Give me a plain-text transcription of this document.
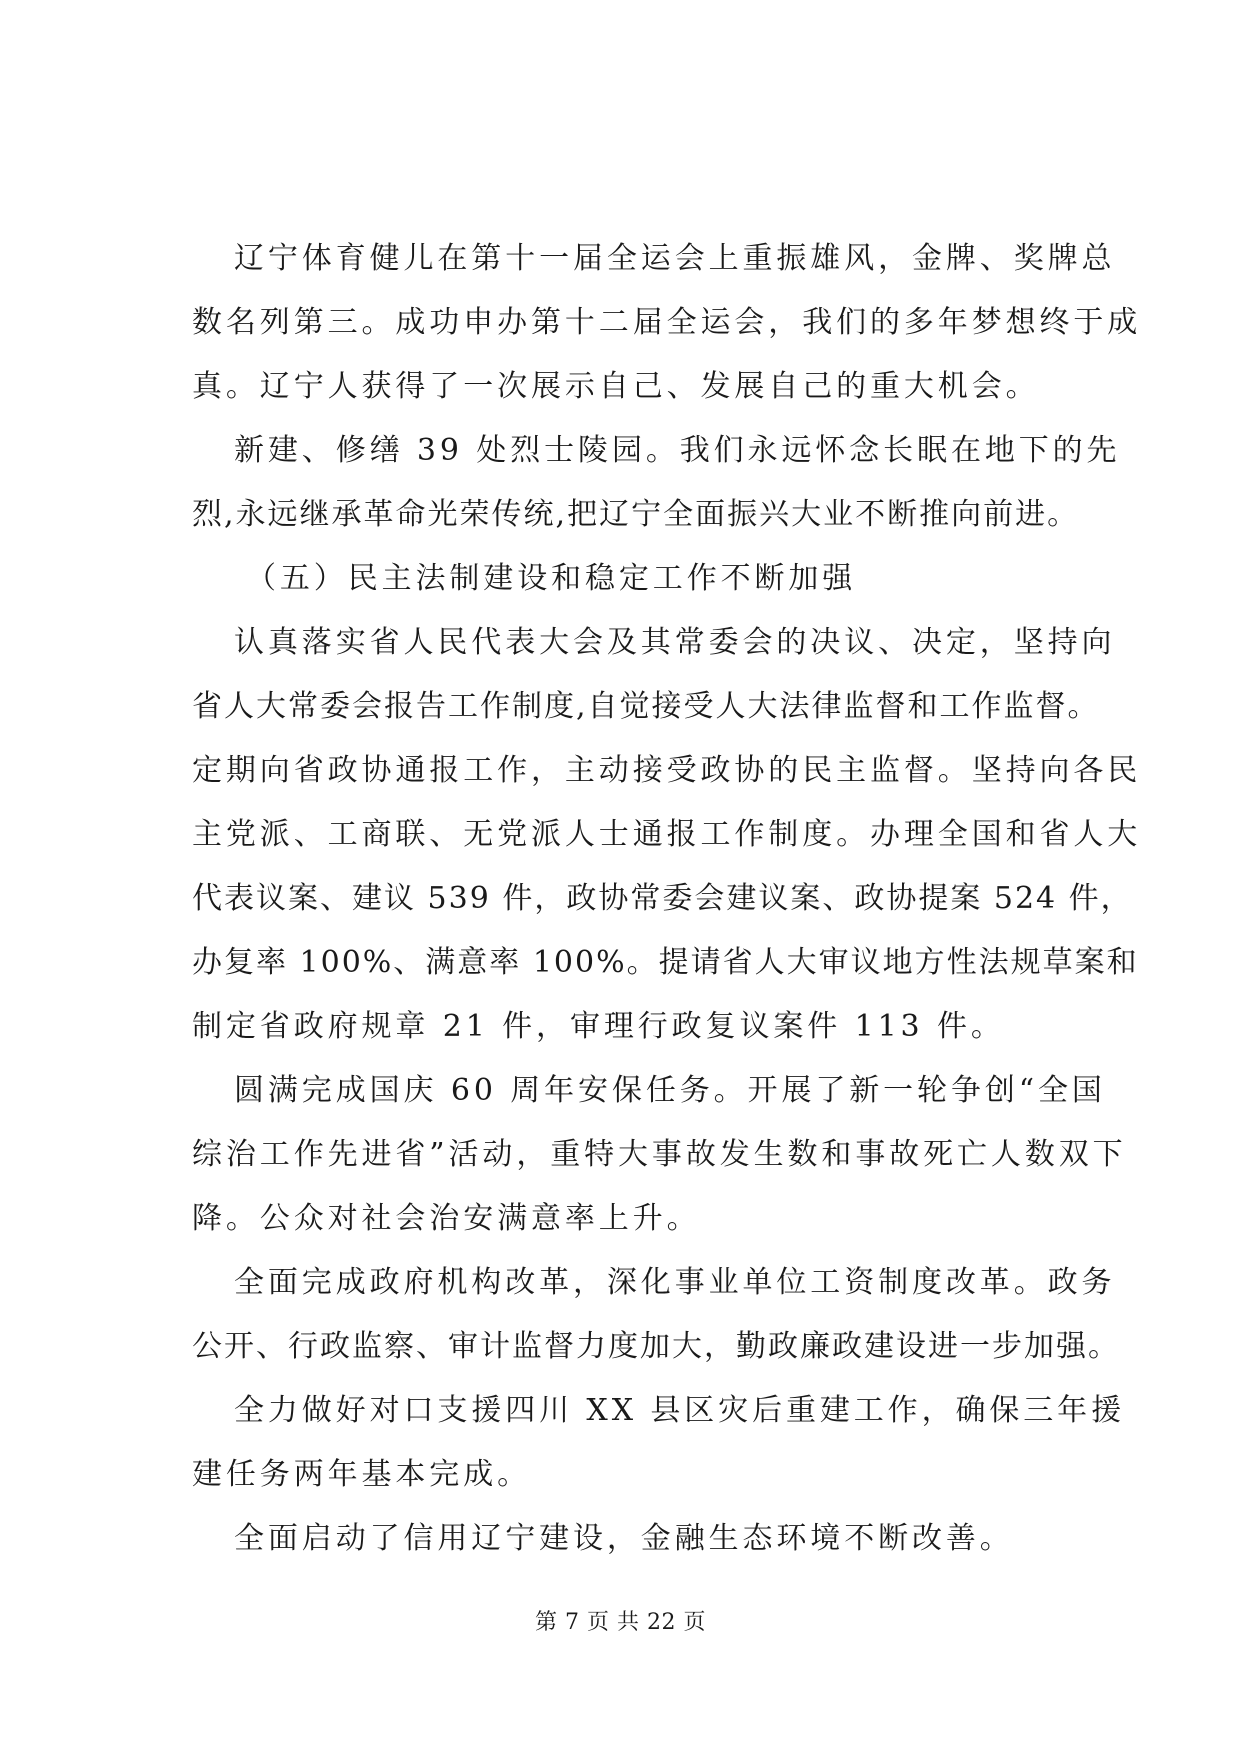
辽宁体育健儿在第十一届全运会上重振雄风，金牌、奖牌总
数名列第三。成功申办第十二届全运会，我们的多年梦想终于成
真。辽宁人获得了一次展示自己、发展自己的重大机会。
新建、修缮 39 处烈士陵园。我们永远怀念长眠在地下的先
烈,永远继承革命光荣传统,把辽宁全面振兴大业不断推向前进。
（五）民主法制建设和稳定工作不断加强
认真落实省人民代表大会及其常委会的决议、决定，坚持向
省人大常委会报告工作制度,自觉接受人大法律监督和工作监督。
定期向省政协通报工作，主动接受政协的民主监督。坚持向各民
主党派、工商联、无党派人士通报工作制度。办理全国和省人大
代表议案、建议 539 件，政协常委会建议案、政协提案 524 件，
办复率 100%、满意率 100%。提请省人大审议地方性法规草案和
制定省政府规章 21 件，审理行政复议案件 113 件。
圆满完成国庆 60 周年安保任务。开展了新一轮争创“全国
综治工作先进省”活动，重特大事故发生数和事故死亡人数双下
降。公众对社会治安满意率上升。
全面完成政府机构改革，深化事业单位工资制度改革。政务
公开、行政监察、审计监督力度加大，勤政廉政建设进一步加强。
全力做好对口支援四川 XX 县区灾后重建工作，确保三年援
建任务两年基本完成。
全面启动了信用辽宁建设，金融生态环境不断改善。
第 7 页 共 22 页
